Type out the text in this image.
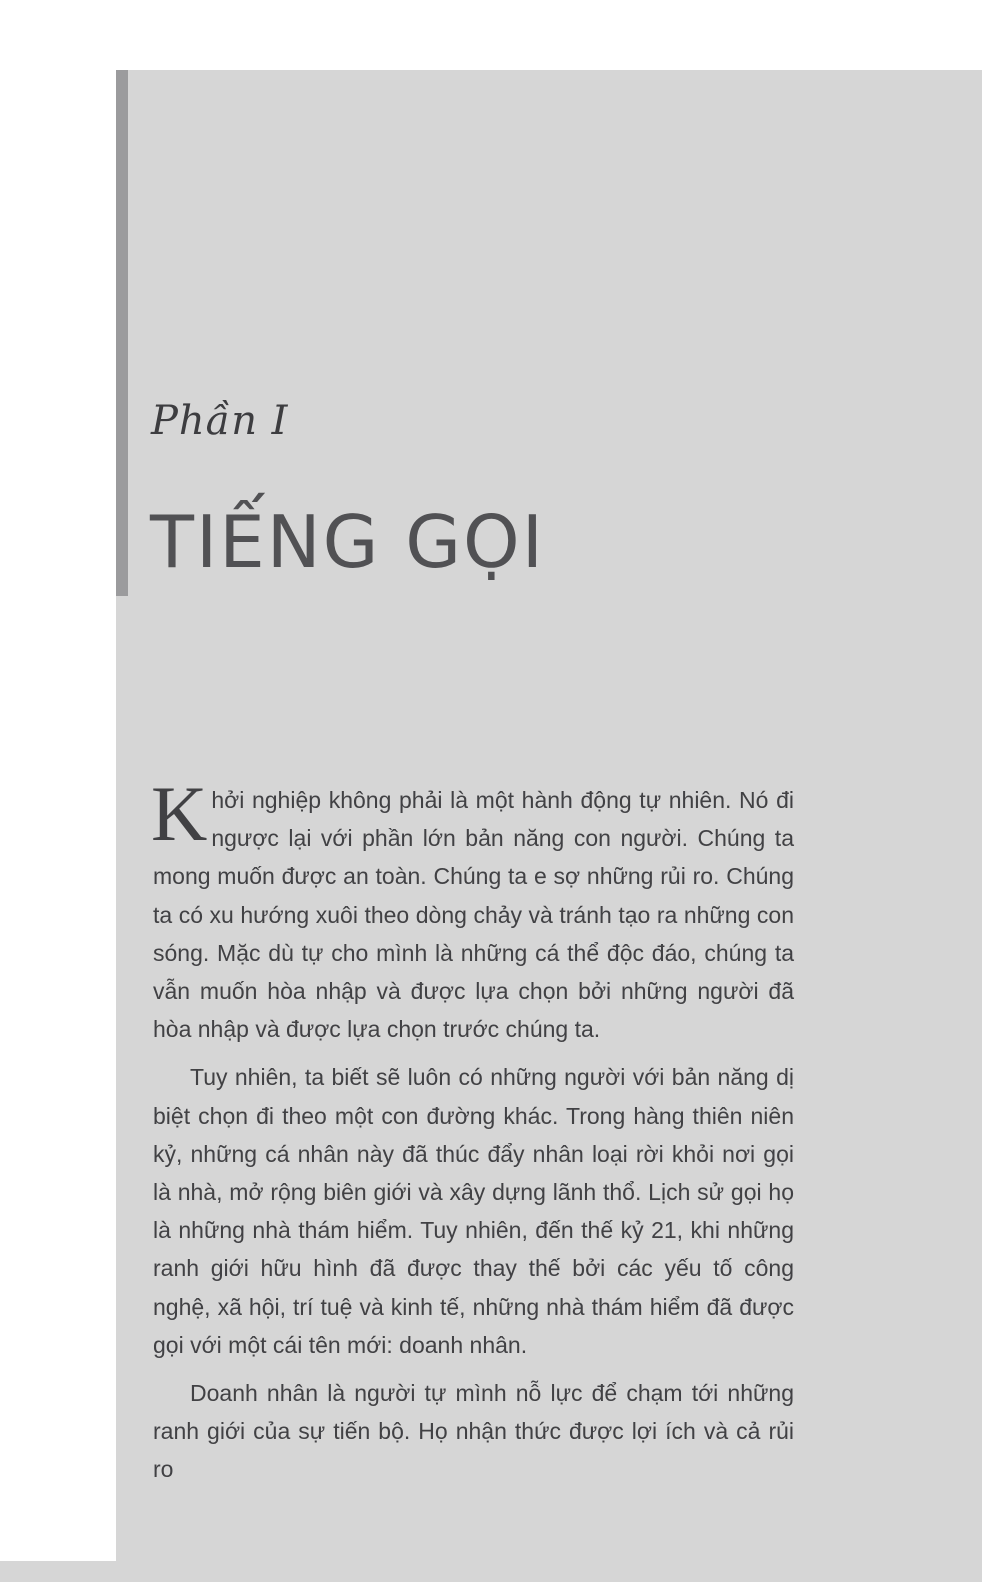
Phần I
TIẾNG GỌI

Khởi nghiệp không phải là một hành động tự nhiên. Nó đi ngược lại với phần lớn bản năng con người. Chúng ta mong muốn được an toàn. Chúng ta e sợ những rủi ro. Chúng ta có xu hướng xuôi theo dòng chảy và tránh tạo ra những con sóng. Mặc dù tự cho mình là những cá thể độc đáo, chúng ta vẫn muốn hòa nhập và được lựa chọn bởi những người đã hòa nhập và được lựa chọn trước chúng ta.

Tuy nhiên, ta biết sẽ luôn có những người với bản năng dị biệt chọn đi theo một con đường khác. Trong hàng thiên niên kỷ, những cá nhân này đã thúc đẩy nhân loại rời khỏi nơi gọi là nhà, mở rộng biên giới và xây dựng lãnh thổ. Lịch sử gọi họ là những nhà thám hiểm. Tuy nhiên, đến thế kỷ 21, khi những ranh giới hữu hình đã được thay thế bởi các yếu tố công nghệ, xã hội, trí tuệ và kinh tế, những nhà thám hiểm đã được gọi với một cái tên mới: doanh nhân.

Doanh nhân là người tự mình nỗ lực để chạm tới những ranh giới của sự tiến bộ. Họ nhận thức được lợi ích và cả rủi ro
